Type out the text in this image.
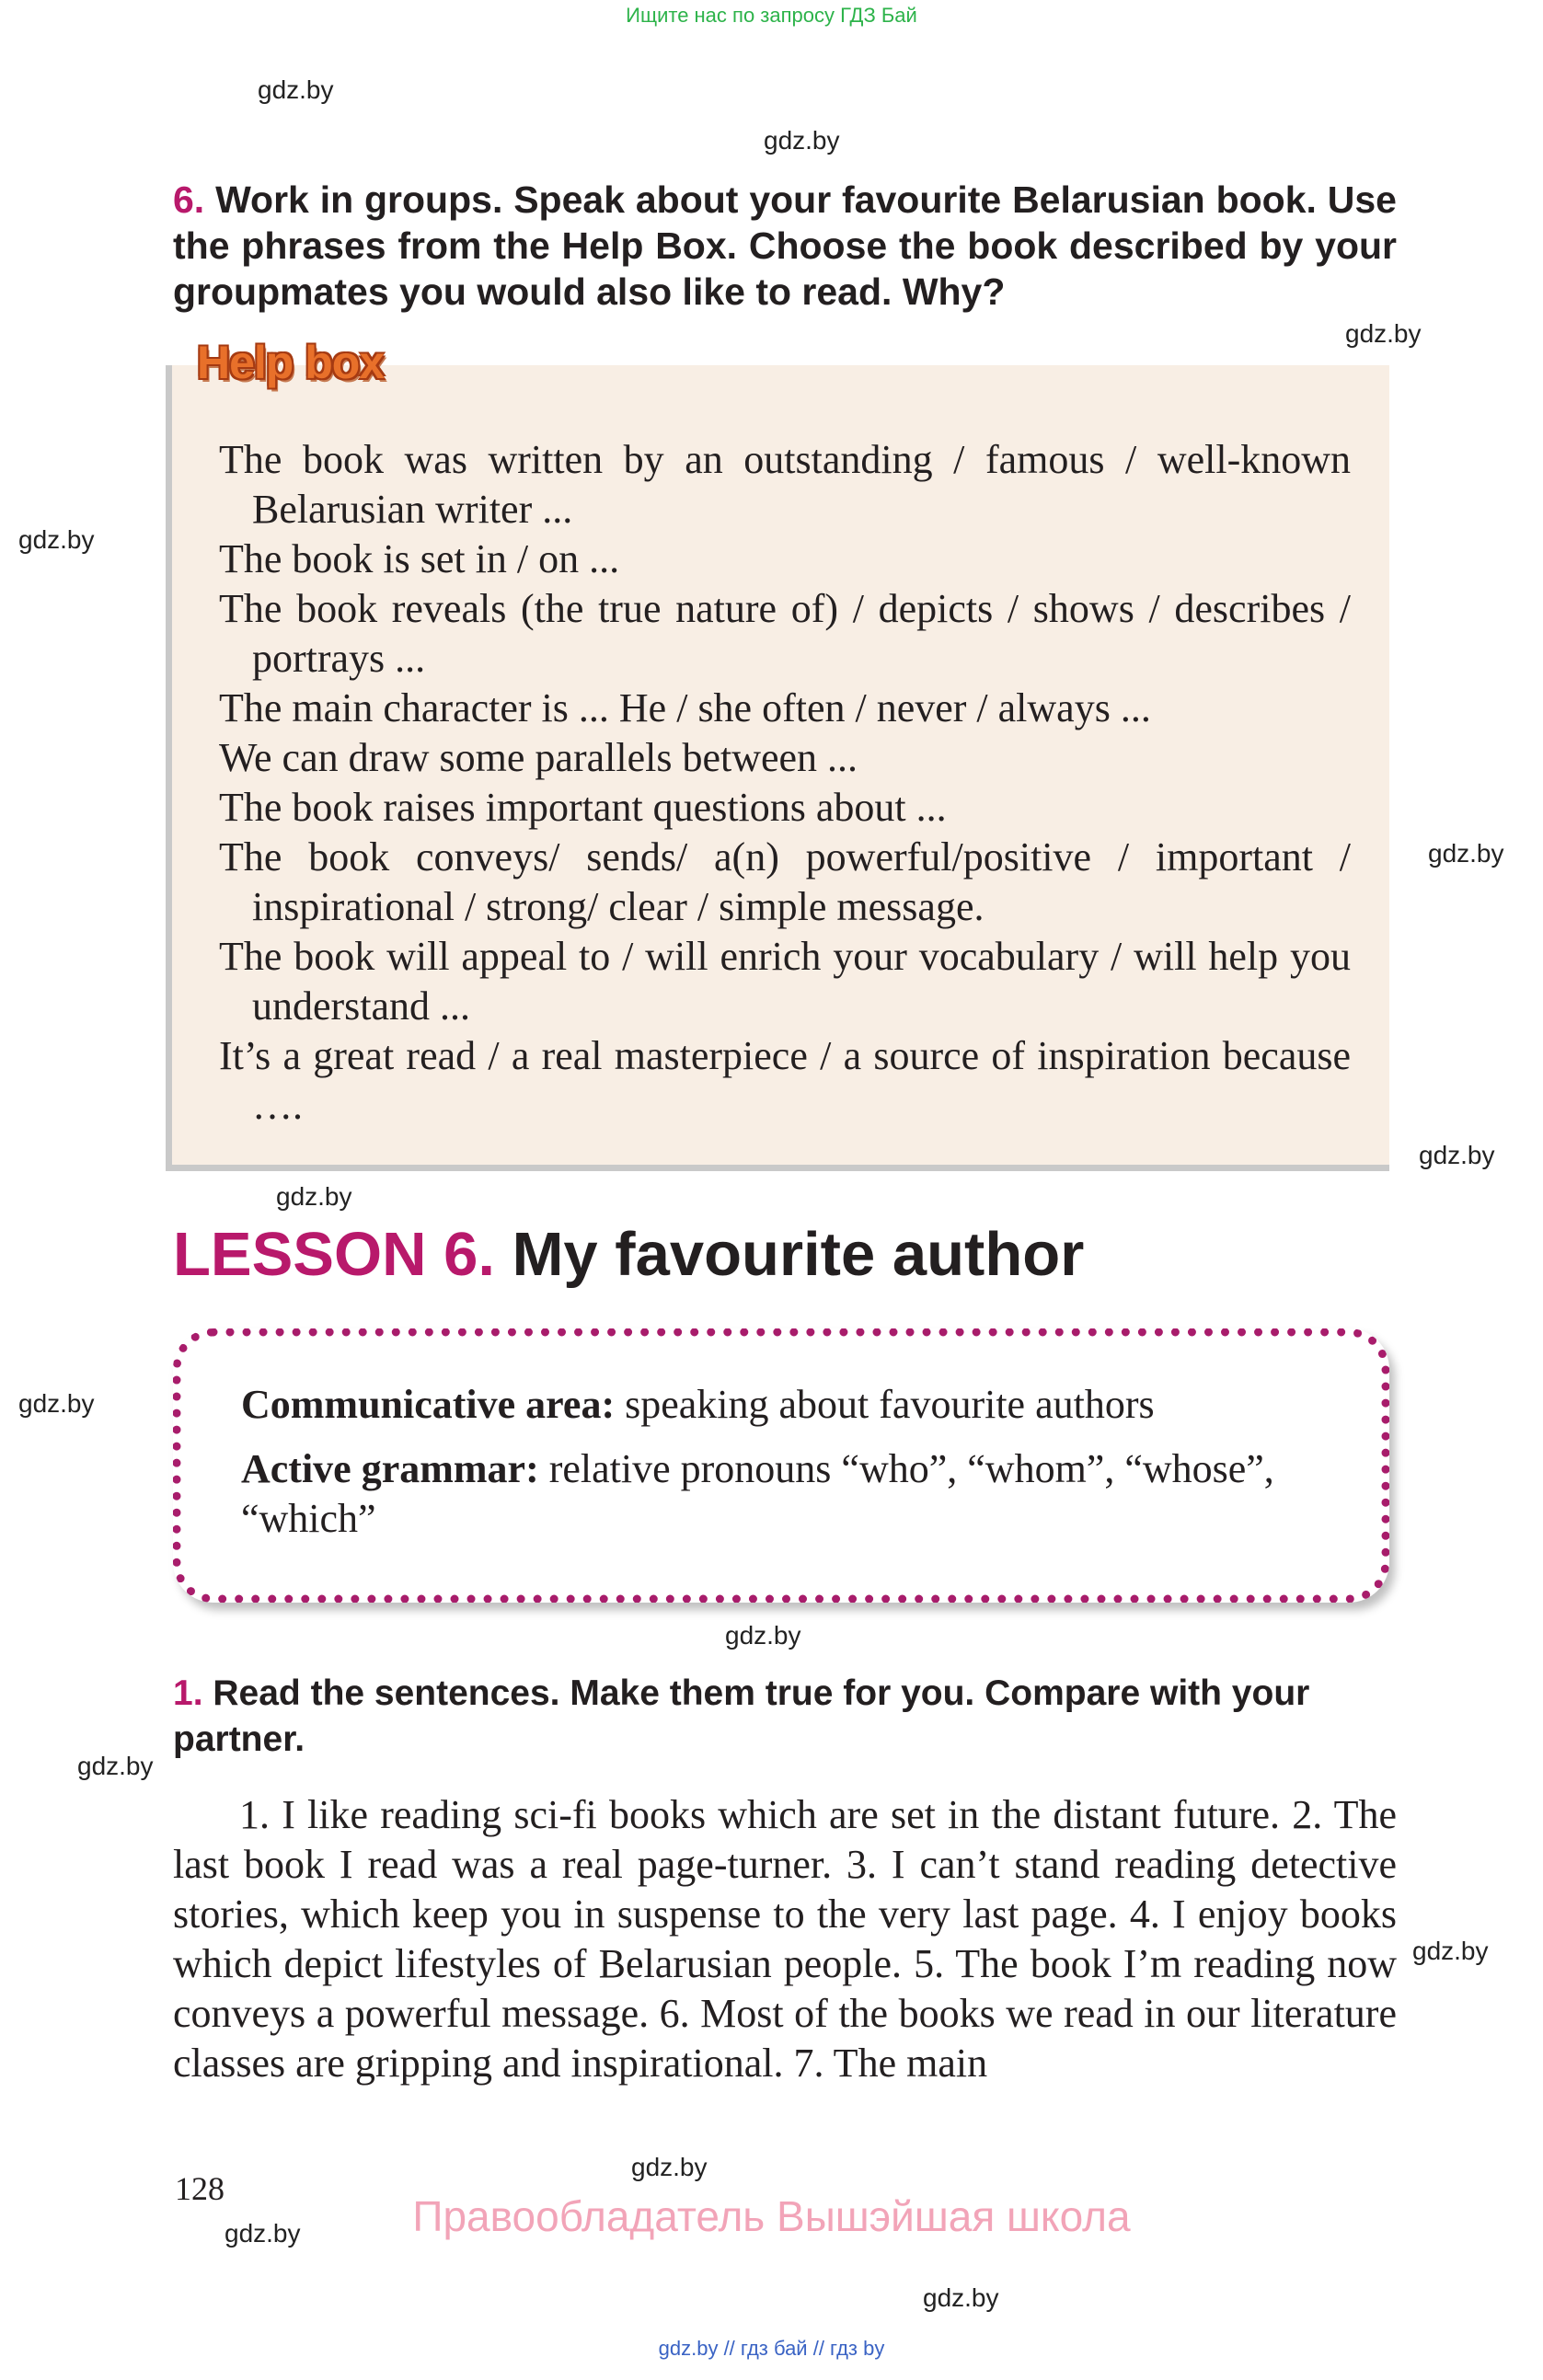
Ищите нас по запросу ГДЗ Бай
gdz.by
gdz.by
gdz.by
gdz.by
gdz.by
gdz.by
gdz.by
gdz.by
gdz.by
gdz.by
gdz.by
gdz.by
gdz.by
gdz.by
6. Work in groups. Speak about your favourite Belarusian book. Use the phrases from the Help Box. Choose the book described by your groupmates you would also like to read. Why?
Help box
The book was written by an outstanding / famous / well-known Belarusian writer ...
The book is set in / on ...
The book reveals (the true nature of) / depicts / shows / describes / portrays ...
The main character is ... He / she often / never / always ...
We can draw some parallels between ...
The book raises important questions about ...
The book conveys/ sends/ a(n) powerful/positive / important / inspirational / strong/ clear / simple message.
The book will appeal to / will enrich your vocabulary / will help you understand ...
It’s a great read / a real masterpiece / a source of inspiration because ….
LESSON 6. My favourite author
Communicative area: speaking about favourite authors
Active grammar: relative pronouns “who”, “whom”, “whose”, “which”
1. Read the sentences. Make them true for you. Compare with your partner.
1. I like reading sci-fi books which are set in the distant future. 2. The last book I read was a real page-turner. 3. I can’t stand reading detective stories, which keep you in suspense to the very last page. 4. I enjoy books which depict lifestyles of Belarusian people. 5. The book I’m reading now conveys a powerful message. 6. Most of the books we read in our literature classes are gripping and inspirational. 7. The main
128
Правообладатель Вышэйшая школа
gdz.by // гдз бай // гдз by
